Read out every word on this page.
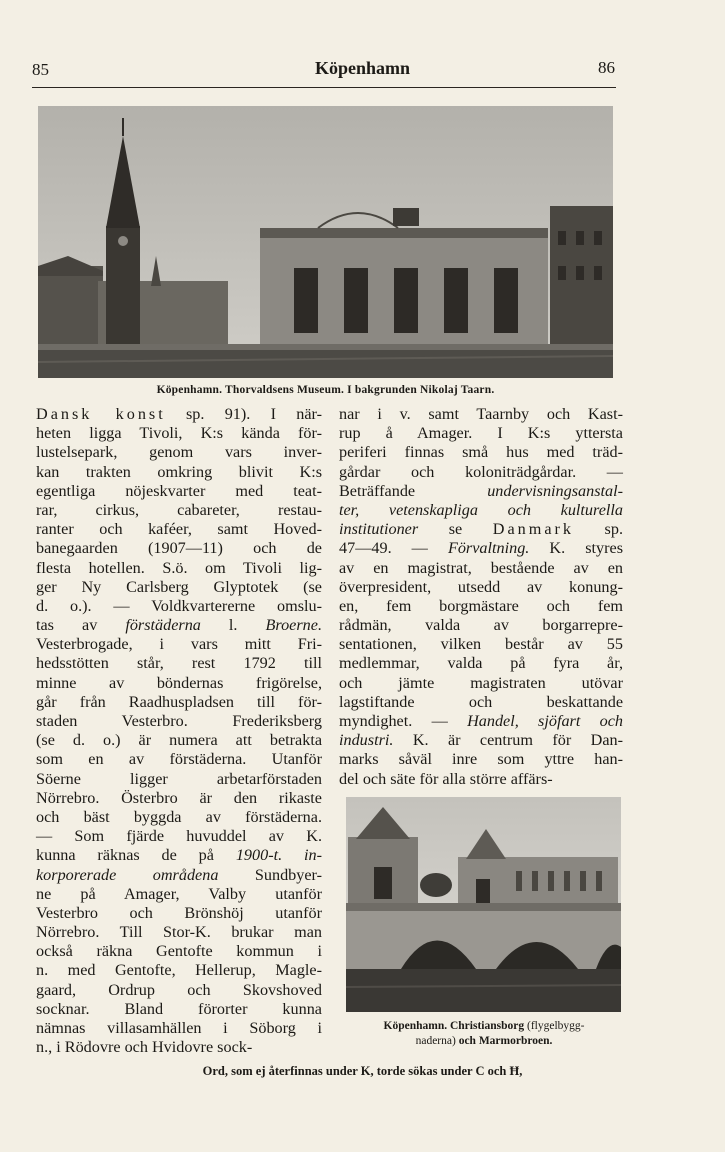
85	Köpenhamn	86
Köpenhamn. Thorvaldsens Museum. I bakgrunden Nikolaj Taarn.
Dansk konst sp. 91). I när-
heten ligga Tivoli, K:s kända för-
lustelsepark, genom vars inver-
kan trakten omkring blivit K:s
egentliga nöjeskvarter med teat-
rar, cirkus, cabareter, restau-
ranter och kaféer, samt Hoved-
banegaarden (1907—11) och de
flesta hotellen. S.ö. om Tivoli lig-
ger Ny Carlsberg Glyptotek (se
d. o.). — Voldkvartererne omslu-
tas av förstäderna l. Broerne.
Vesterbrogade, i vars mitt Fri-
hedsstötten står, rest 1792 till
minne av böndernas frigörelse,
går från Raadhuspladsen till för-
staden Vesterbro. Frederiksberg
(se d. o.) är numera att betrakta
som en av förstäderna. Utanför
Söerne ligger arbetarförstaden
Nörrebro. Österbro är den rikaste
och bäst byggda av förstäderna.
— Som fjärde huvuddel av K.
kunna räknas de på 1900-t. in-
korporerade områdena Sundbyer-
ne på Amager, Valby utanför
Vesterbro och Brönshöj utanför
Nörrebro. Till Stor-K. brukar man
också räkna Gentofte kommun i
n. med Gentofte, Hellerup, Magle-
gaard, Ordrup och Skovshoved
socknar. Bland förorter kunna
nämnas villasamhällen i Söborg i
n., i Rödovre och Hvidovre sock-
nar i v. samt Taarnby och Kast-
rup å Amager. I K:s yttersta
periferi finnas små hus med träd-
gårdar och koloniträdgårdar. —
Beträffande undervisningsanstal-
ter, vetenskapliga och kulturella
institutioner se Danmark sp.
47—49. — Förvaltning. K. styres
av en magistrat, bestående av en
överpresident, utsedd av konung-
en, fem borgmästare och fem
rådmän, valda av borgarrepre-
sentationen, vilken består av 55
medlemmar, valda på fyra år,
och jämte magistraten utövar
lagstiftande och beskattande
myndighet. — Handel, sjöfart och
industri. K. är centrum för Dan-
marks såväl inre som yttre han-
del och säte för alla större affärs-
Köpenhamn. Christiansborg (flygelbygg-
naderna) och Marmorbroen.
Ord, som ej återfinnas under K, torde sökas under C och Ħ,
